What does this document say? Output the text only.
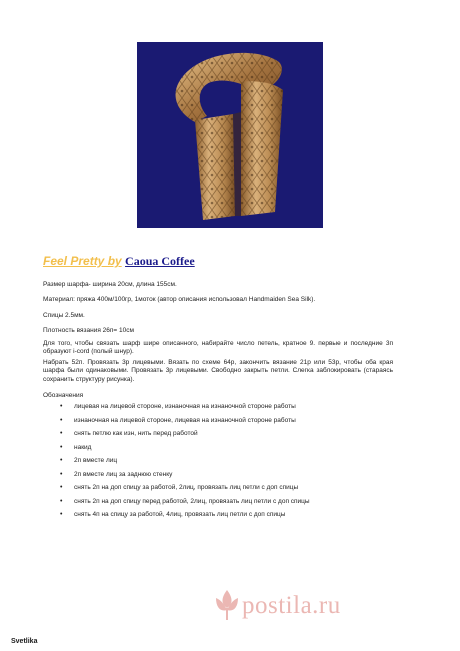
Feel Pretty by Caoua Coffee
Размер шарфа- ширина 20см, длина 155см.
Материал: пряжа 400м/100гр, 1моток (автор описания использовал Handmaiden Sea Silk).
Спицы 2.5мм.
Плотность вязания 26п= 10см
Для того, чтобы связать шарф шире описанного, набирайте число петель, кратное 9. первые и последние 3п образуют i-cord (полый шнур).
Набрать 52п. Провязать 3р лицевыми. Вязать по схеме 64р, закончить вязание 21р или 53р, чтобы оба края шарфа были одинаковыми. Провязать 3р лицевыми. Свободно закрыть петли. Слегка заблокировать (стараясь сохранить структуру рисунка).
Обозначения
• лицевая на лицевой стороне, изнаночная на изнаночной стороне работы
• изнаночная на лицевой стороне, лицевая на изнаночной стороне работы
• снять петлю как изн, нить перед работой
• накид
• 2п вместе лиц
• 2п вместе лиц за заднюю стенку
• снять 2п на доп спицу за работой, 2лиц, провязать лиц петли с доп спицы
• снять 2п на доп спицу перед работой, 2лиц, провязать лиц петли с доп спицы
• снять 4п на спицу за работой, 4лиц, провязать лиц петли с доп спицы
postila.ru
Svetlika
